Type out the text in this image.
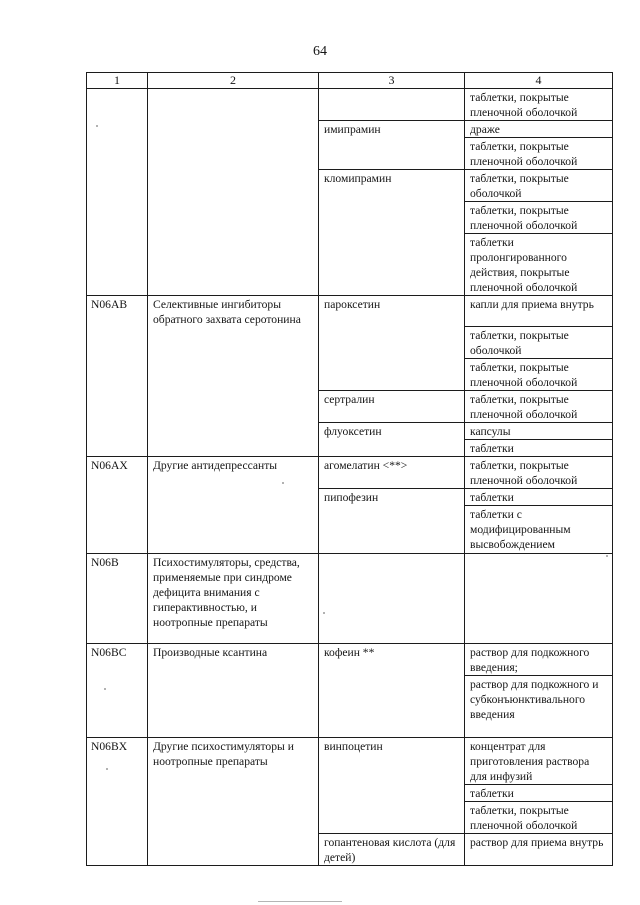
64
1	2	3	4
			таблетки, покрытые пленочной оболочкой
		имипрамин	драже
			таблетки, покрытые пленочной оболочкой
		кломипрамин	таблетки, покрытые оболочкой
			таблетки, покрытые пленочной оболочкой
			таблетки пролонгированного действия, покрытые пленочной оболочкой
N06AB	Селективные ингибиторы обратного захвата серотонина	пароксетин	капли для приема внутрь
			таблетки, покрытые оболочкой
			таблетки, покрытые пленочной оболочкой
		сертралин	таблетки, покрытые пленочной оболочкой
		флуоксетин	капсулы
			таблетки
N06AX	Другие антидепрессанты	агомелатин <**>	таблетки, покрытые пленочной оболочкой
		пипофезин	таблетки
			таблетки с модифицированным высвобождением
N06B	Психостимуляторы, средства, применяемые при синдроме дефицита внимания с гиперактивностью, и ноотропные препараты		
N06BC	Производные ксантина	кофеин **	раствор для подкожного введения;
			раствор для подкожного и субконъюнктивального введения
N06BX	Другие психостимуляторы и ноотропные препараты	винпоцетин	концентрат для приготовления раствора для инфузий
			таблетки
			таблетки, покрытые пленочной оболочкой
		гопантеновая кислота (для детей)	раствор для приема внутрь
